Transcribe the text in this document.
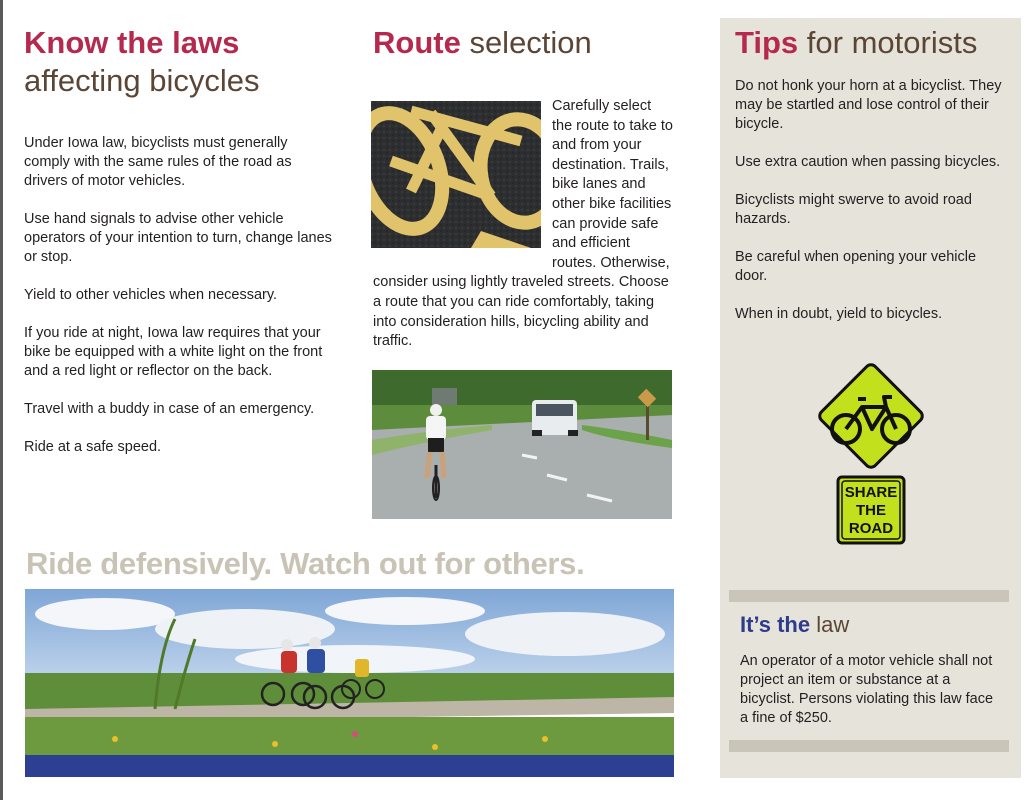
Know the laws
affecting bicycles

Under Iowa law, bicyclists must generally comply with the same rules of the road as drivers of motor vehicles.

Use hand signals to advise other vehicle operators of your intention to turn, change lanes or stop.

Yield to other vehicles when necessary.

If you ride at night, Iowa law requires that your bike be equipped with a white light on the front and a red light or reflector on the back.

Travel with a buddy in case of an emergency.

Ride at a safe speed.

Route selection
Carefully select the route to take to and from your destination. Trails, bike lanes and other bike facilities can provide safe and efficient routes. Otherwise, consider using lightly traveled streets. Choose a route that you can ride comfortably, taking into consideration hills, bicycling ability and traffic.
Tips for motorists

Do not honk your horn at a bicyclist. They may be startled and lose control of their bicycle.

Use extra caution when passing bicycles.

Bicyclists might swerve to avoid road hazards.

Be careful when opening your vehicle door.

When in doubt, yield to bicycles.

SHARE
THE
ROAD
It’s the law
An operator of a motor vehicle shall not project an item or substance at a bicyclist. Persons violating this law face a fine of $250.
Ride defensively. Watch out for others.
